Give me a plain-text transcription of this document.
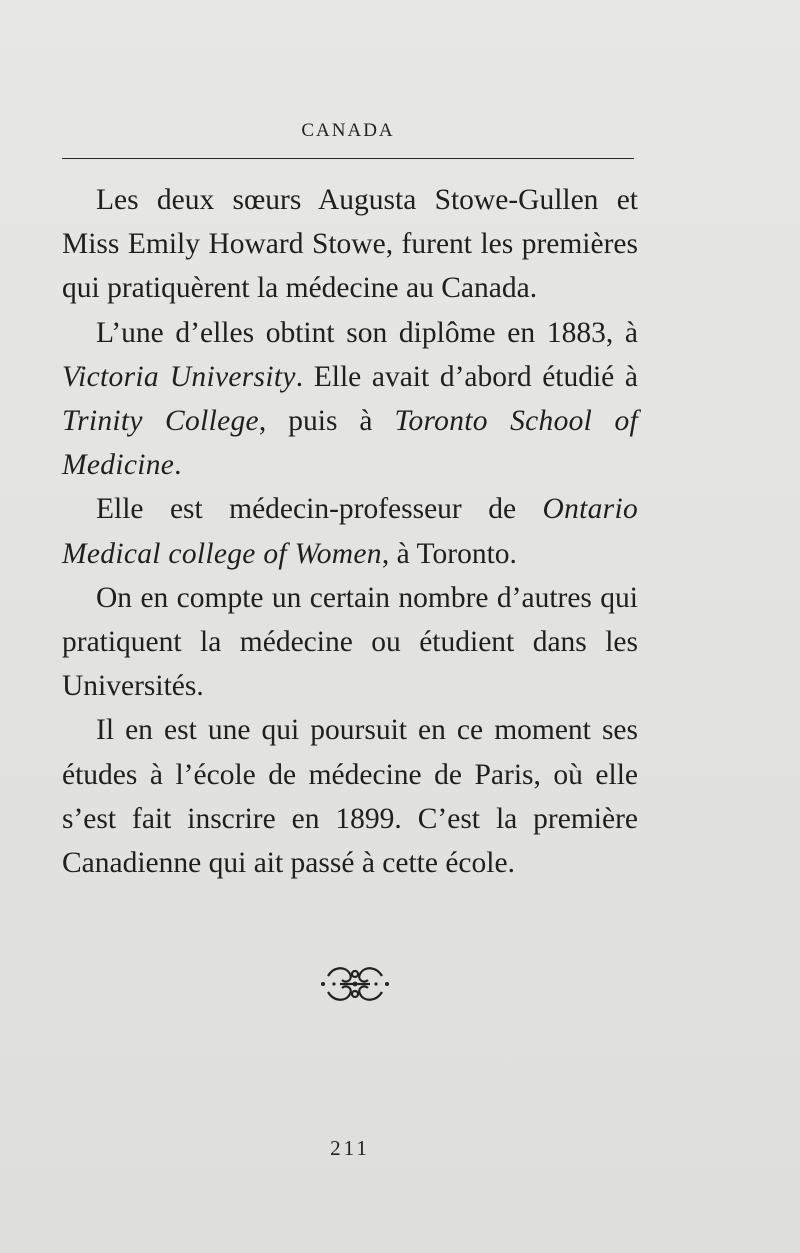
CANADA

Les deux sœurs Augusta Stowe-Gullen et Miss Emily Howard Stowe, furent les premières qui pratiquèrent la médecine au Canada.

L’une d’elles obtint son diplôme en 1883, à Victoria University. Elle avait d’abord étudié à Trinity College, puis à Toronto School of Medicine.

Elle est médecin-professeur de Ontario Medical college of Women, à Toronto.

On en compte un certain nombre d’autres qui pratiquent la médecine ou étudient dans les Universités.

Il en est une qui poursuit en ce moment ses études à l’école de médecine de Paris, où elle s’est fait inscrire en 1899. C’est la première Canadienne qui ait passé à cette école.

211
